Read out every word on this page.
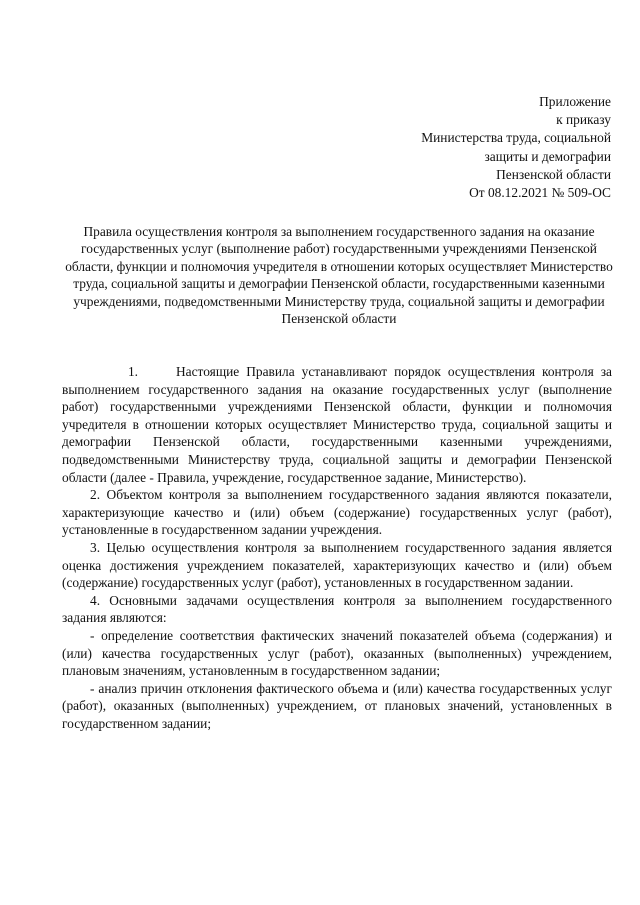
Приложение
к приказу
Министерства труда, социальной
защиты и демографии
Пензенской области
От 08.12.2021 № 509-ОС
Правила осуществления контроля за выполнением государственного задания на оказание государственных услуг (выполнение работ) государственными учреждениями Пензенской области, функции и полномочия учредителя в отношении которых осуществляет Министерство труда, социальной защиты и демографии Пензенской области, государственными казенными учреждениями, подведомственными Министерству труда, социальной защиты и демографии Пензенской области

1.	Настоящие Правила устанавливают порядок осуществления контроля за выполнением государственного задания на оказание государственных услуг (выполнение работ) государственными учреждениями Пензенской области, функции и полномочия учредителя в отношении которых осуществляет Министерство труда, социальной защиты и демографии Пензенской области, государственными казенными учреждениями, подведомственными Министерству труда, социальной защиты и демографии Пензенской области (далее - Правила, учреждение, государственное задание, Министерство).

2. Объектом контроля за выполнением государственного задания являются показатели, характеризующие качество и (или) объем (содержание) государственных услуг (работ), установленные в государственном задании учреждения.

3. Целью осуществления контроля за выполнением государственного задания является оценка достижения учреждением показателей, характеризующих качество и (или) объем (содержание) государственных услуг (работ), установленных в государственном задании.

4. Основными задачами осуществления контроля за выполнением государственного задания являются:

- определение соответствия фактических значений показателей объема (содержания) и (или) качества государственных услуг (работ), оказанных (выполненных) учреждением, плановым значениям, установленным в государственном задании;

- анализ причин отклонения фактического объема и (или) качества государственных услуг (работ), оказанных (выполненных) учреждением, от плановых значений, установленных в государственном задании;
